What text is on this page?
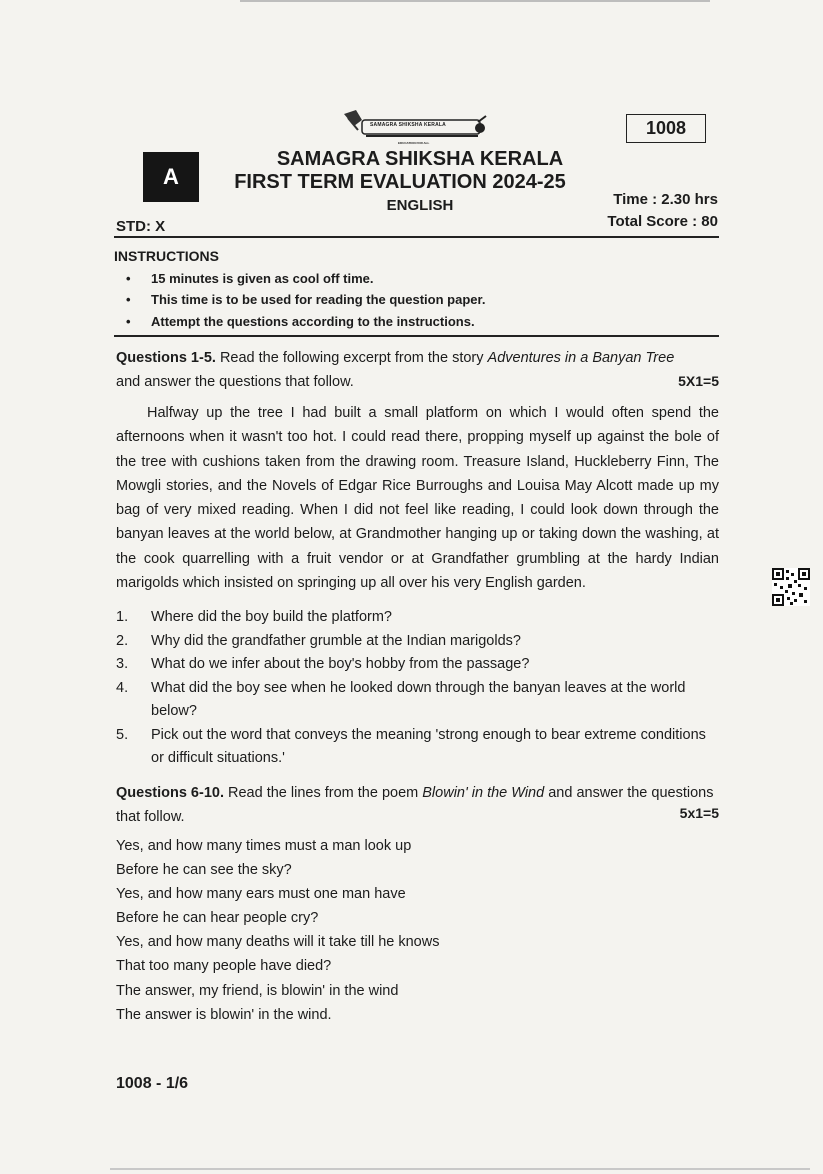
SAMAGRA SHIKSHA KERALA
EDUCATION FOR ALL
1008
A
SAMAGRA SHIKSHA KERALA
FIRST TERM EVALUATION 2024-25
ENGLISH	Time : 2.30 hrs
Total Score : 80
STD: X
INSTRUCTIONS
• 15 minutes is given as cool off time.
• This time is to be used for reading the question paper.
• Attempt the questions according to the instructions.
Questions 1-5. Read the following excerpt from the story Adventures in a Banyan Tree
and answer the questions that follow.	5X1=5
Halfway up the tree I had built a small platform on which I would often spend the afternoons when it wasn't too hot. I could read there, propping myself up against the bole of the tree with cushions taken from the drawing room. Treasure Island, Huckleberry Finn, The Mowgli stories, and the Novels of Edgar Rice Burroughs and Louisa May Alcott made up my bag of very mixed reading. When I did not feel like reading, I could look down through the banyan leaves at the world below, at Grandmother hanging up or taking down the washing, at the cook quarrelling with a fruit vendor or at Grandfather grumbling at the hardy Indian marigolds which insisted on springing up all over his very English garden.
1.	Where did the boy build the platform?
2.	Why did the grandfather grumble at the Indian marigolds?
3.	What do we infer about the boy's hobby from the passage?
4.	What did the boy see when he looked down through the banyan leaves at the world below?
5.	Pick out the word that conveys the meaning 'strong enough to bear extreme conditions or difficult situations.'
Questions 6-10. Read the lines from the poem Blowin' in the Wind and answer the questions that follow.	5x1=5
Yes, and how many times must a man look up
Before he can see the sky?
Yes, and how many ears must one man have
Before he can hear people cry?
Yes, and how many deaths will it take till he knows
That too many people have died?
The answer, my friend, is blowin' in the wind
The answer is blowin' in the wind.
1008 - 1/6
